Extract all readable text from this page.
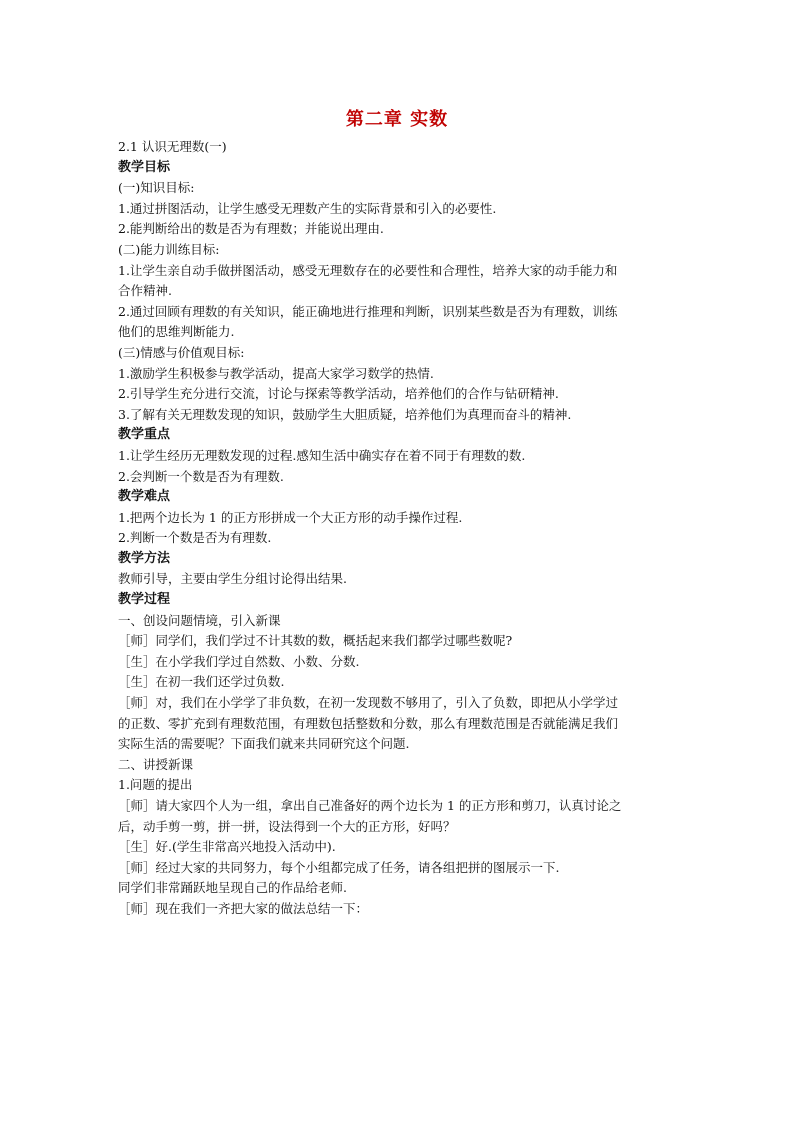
第二章 实数
2.1 认识无理数(一)
教学目标
(一)知识目标:
1.通过拼图活动，让学生感受无理数产生的实际背景和引入的必要性.
2.能判断给出的数是否为有理数；并能说出理由.
(二)能力训练目标:
1.让学生亲自动手做拼图活动，感受无理数存在的必要性和合理性，培养大家的动手能力和
合作精神.
2.通过回顾有理数的有关知识，能正确地进行推理和判断，识别某些数是否为有理数，训练
他们的思维判断能力.
(三)情感与价值观目标:
1.激励学生积极参与教学活动，提高大家学习数学的热情.
2.引导学生充分进行交流，讨论与探索等教学活动，培养他们的合作与钻研精神.
3.了解有关无理数发现的知识，鼓励学生大胆质疑，培养他们为真理而奋斗的精神.
教学重点
1.让学生经历无理数发现的过程.感知生活中确实存在着不同于有理数的数.
2.会判断一个数是否为有理数.
教学难点
1.把两个边长为 1 的正方形拼成一个大正方形的动手操作过程.
2.判断一个数是否为有理数.
教学方法
教师引导，主要由学生分组讨论得出结果.
教学过程
一、创设问题情境，引入新课
［师］同学们，我们学过不计其数的数，概括起来我们都学过哪些数呢?
［生］在小学我们学过自然数、小数、分数.
［生］在初一我们还学过负数.
［师］对，我们在小学学了非负数，在初一发现数不够用了，引入了负数，即把从小学学过
的正数、零扩充到有理数范围，有理数包括整数和分数，那么有理数范围是否就能满足我们
实际生活的需要呢？下面我们就来共同研究这个问题.
二、讲授新课
1.问题的提出
［师］请大家四个人为一组，拿出自己准备好的两个边长为 1 的正方形和剪刀，认真讨论之
后，动手剪一剪，拼一拼，设法得到一个大的正方形，好吗？
［生］好.(学生非常高兴地投入活动中).
［师］经过大家的共同努力，每个小组都完成了任务，请各组把拼的图展示一下.
同学们非常踊跃地呈现自己的作品给老师.
［师］现在我们一齐把大家的做法总结一下：
